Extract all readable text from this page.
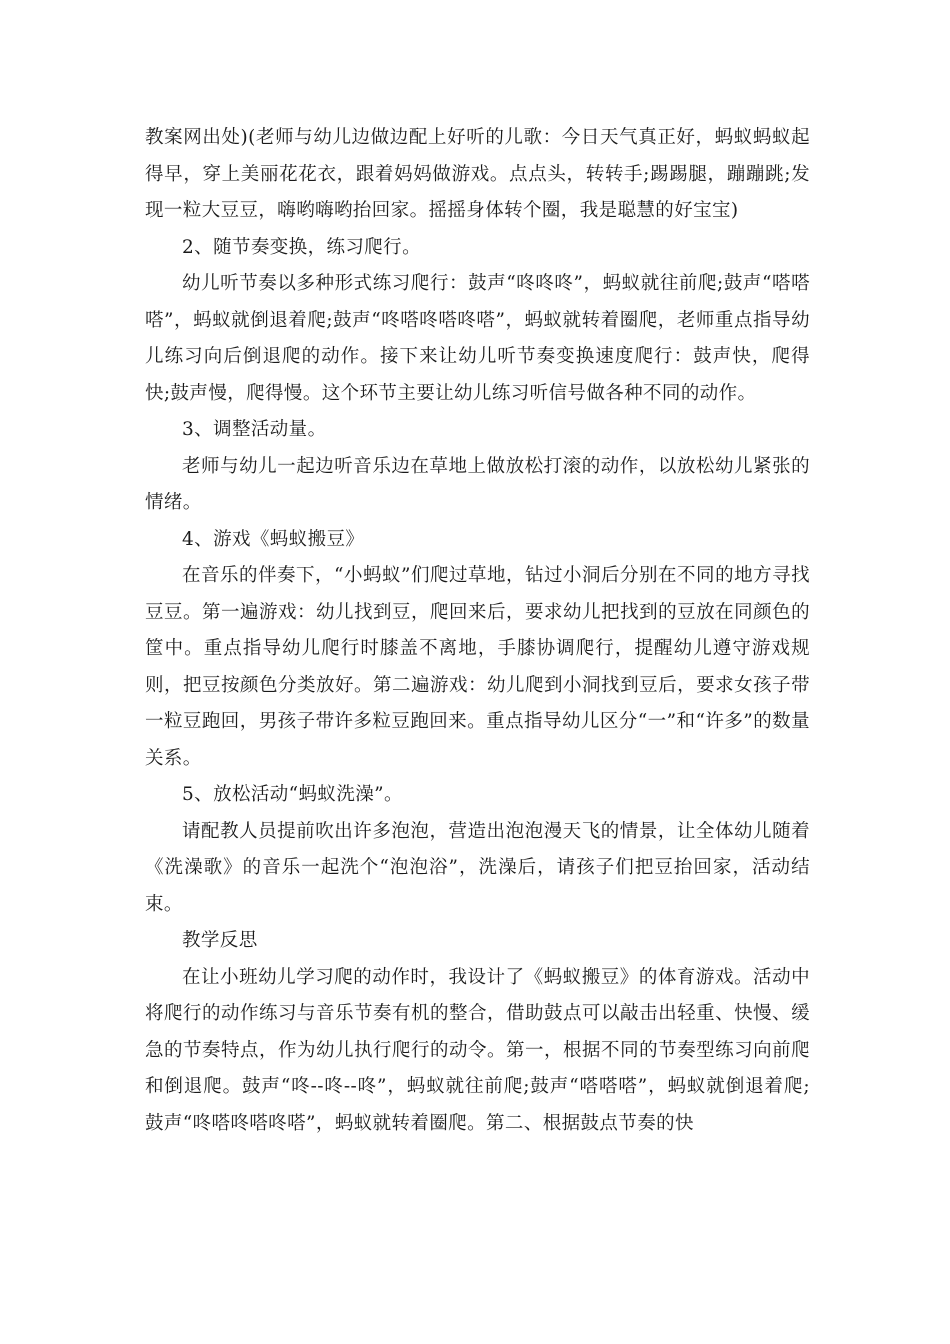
教案网出处)(老师与幼儿边做边配上好听的儿歌：今日天气真正好，蚂蚁蚂蚁起得早，穿上美丽花花衣，跟着妈妈做游戏。点点头，转转手;踢踢腿，蹦蹦跳;发现一粒大豆豆，嗨哟嗨哟抬回家。摇摇身体转个圈，我是聪慧的好宝宝)

2、随节奏变换，练习爬行。

幼儿听节奏以多种形式练习爬行：鼓声“咚咚咚”，蚂蚁就往前爬;鼓声“嗒嗒嗒”，蚂蚁就倒退着爬;鼓声“咚嗒咚嗒咚嗒”，蚂蚁就转着圈爬，老师重点指导幼儿练习向后倒退爬的动作。接下来让幼儿听节奏变换速度爬行：鼓声快，爬得快;鼓声慢，爬得慢。这个环节主要让幼儿练习听信号做各种不同的动作。

3、调整活动量。

老师与幼儿一起边听音乐边在草地上做放松打滚的动作，以放松幼儿紧张的情绪。

4、游戏《蚂蚁搬豆》

在音乐的伴奏下，“小蚂蚁”们爬过草地，钻过小洞后分别在不同的地方寻找豆豆。第一遍游戏：幼儿找到豆，爬回来后，要求幼儿把找到的豆放在同颜色的筐中。重点指导幼儿爬行时膝盖不离地，手膝协调爬行，提醒幼儿遵守游戏规则，把豆按颜色分类放好。第二遍游戏：幼儿爬到小洞找到豆后，要求女孩子带一粒豆跑回，男孩子带许多粒豆跑回来。重点指导幼儿区分“一”和“许多”的数量关系。

5、放松活动“蚂蚁洗澡”。

请配教人员提前吹出许多泡泡，营造出泡泡漫天飞的情景，让全体幼儿随着《洗澡歌》的音乐一起洗个“泡泡浴”，洗澡后，请孩子们把豆抬回家，活动结束。

教学反思

在让小班幼儿学习爬的动作时，我设计了《蚂蚁搬豆》的体育游戏。活动中将爬行的动作练习与音乐节奏有机的整合，借助鼓点可以敲击出轻重、快慢、缓急的节奏特点，作为幼儿执行爬行的动令。第一，根据不同的节奏型练习向前爬和倒退爬。鼓声“咚--咚--咚”，蚂蚁就往前爬;鼓声“嗒嗒嗒”，蚂蚁就倒退着爬;鼓声“咚嗒咚嗒咚嗒”，蚂蚁就转着圈爬。第二、根据鼓点节奏的快
